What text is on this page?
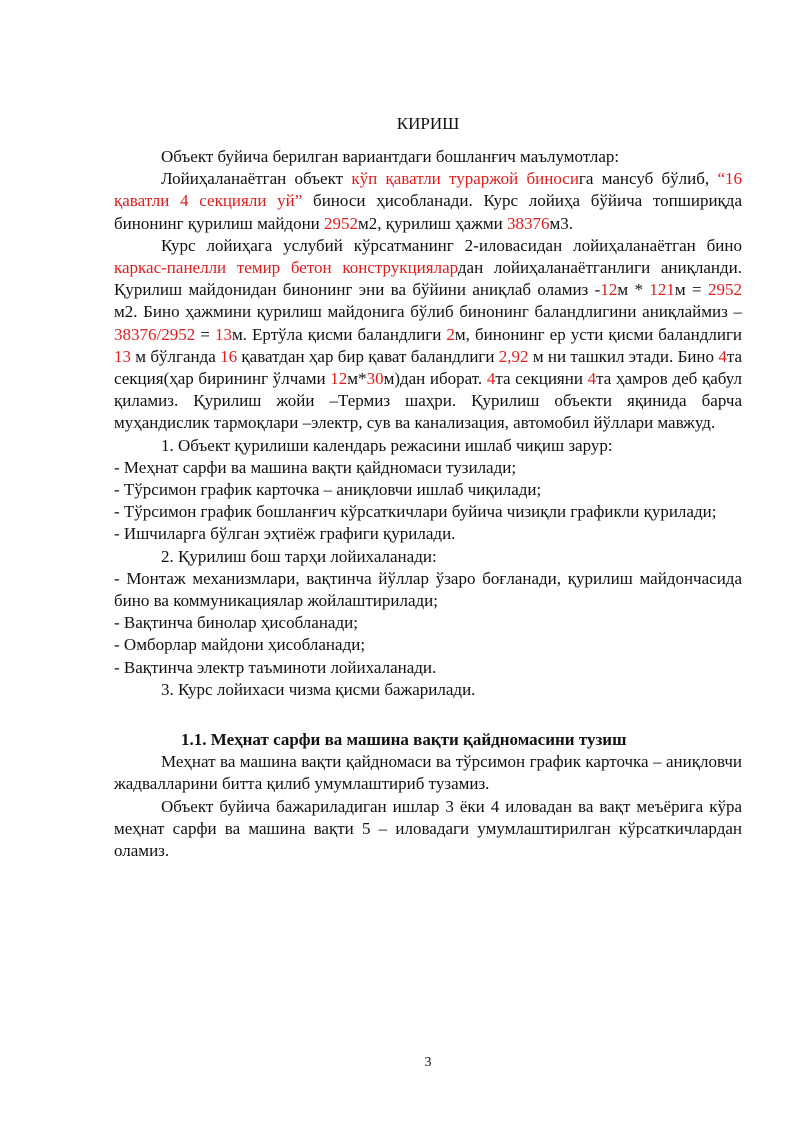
КИРИШ

Объект буйича берилган вариантдаги бошланғич маълумотлар:

Лойиҳаланаётган объект кўп қаватли тураржой биносига мансуб бўлиб, “16 қаватли 4 секцияли уй” биноси ҳисобланади. Курс лойиҳа бўйича топшириқда бинонинг қурилиш майдони 2952м2, қурилиш ҳажми 38376м3.

Курс лойиҳага услубий кўрсатманинг 2-иловасидан лойиҳаланаётган бино каркас-панелли темир бетон конструкциялардан лойиҳаланаётганлиги аниқланди. Қурилиш майдонидан бинонинг эни ва бўйини аниқлаб оламиз -12м * 121м = 2952 м2. Бино ҳажмини қурилиш майдонига бўлиб бинонинг баландлигини аниқлаймиз –38376/2952 = 13м. Ертўла қисми баландлиги 2м, бинонинг ер усти қисми баландлиги 13 м бўлганда 16 қаватдан ҳар бир қават баландлиги 2,92 м ни ташкил этади. Бино 4та секция(ҳар бирининг ўлчами 12м*30м)дан иборат. 4та секцияни 4та ҳамров деб қабул қиламиз. Қурилиш жойи –Термиз шаҳри. Қурилиш объекти яқинида барча муҳандислик тармоқлари –электр, сув ва канализация, автомобил йўллари мавжуд.

1. Объект қурилиши календарь режасини ишлаб чиқиш зарур:

- Меҳнат сарфи ва машина вақти қайдномаси тузилади;

- Тўрсимон график карточка – аниқловчи ишлаб чиқилади;

- Тўрсимон график бошланғич кўрсаткичлари буйича чизиқли графикли қурилади;

- Ишчиларга бўлган эҳтиёж графиги қурилади.

2. Қурилиш бош тарҳи лойихаланади:

- Монтаж механизмлари, вақтинча йўллар ўзаро боғланади, қурилиш майдончасида бино ва коммуникациялар жойлаштирилади;

- Вақтинча бинолар ҳисобланади;

- Омборлар майдони ҳисобланади;

- Вақтинча электр таъминоти лойихаланади.

3. Курс лойихаси чизма қисми бажарилади.

1.1. Меҳнат сарфи ва машина вақти қайдномасини тузиш

Меҳнат ва машина вақти қайдномаси ва тўрсимон график карточка – аниқловчи жадвалларини битта қилиб умумлаштириб тузамиз.

Объект буйича бажариладиган ишлар 3 ёки 4 иловадан ва вақт меъёрига кўра меҳнат сарфи ва машина вақти 5 – иловадаги умумлаштирилган кўрсаткичлардан оламиз.

3
